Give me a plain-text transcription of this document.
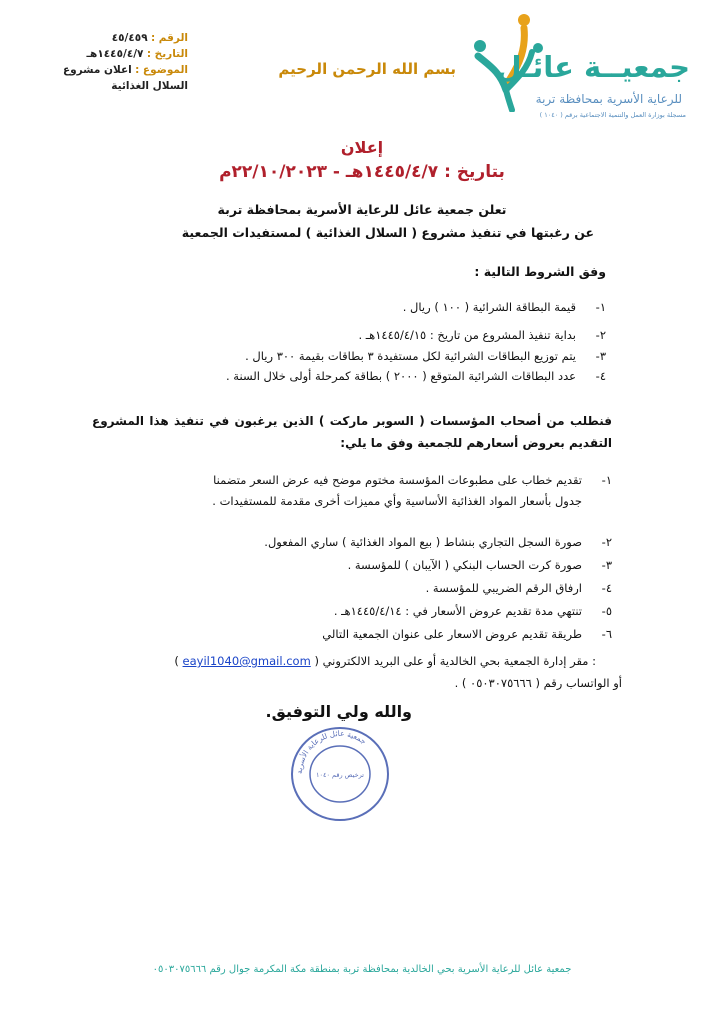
جمعيــة عائـل
للرعاية الأسرية بمحافظة تربة
مسجلة بوزارة العمل والتنمية الاجتماعية برقم ( ١٠٤٠ )
بسم الله الرحمن الرحيم
الرقم : ٤٥/٤٥٩
التاريخ : ١٤٤٥/٤/٧هـ
الموضوع : اعلان مشروع السلال الغذائية
إعلان
بتاريخ : ١٤٤٥/٤/٧هـ - ٢٢/١٠/٢٠٢٣م
تعلن جمعية عائل للرعاية الأسرية بمحافظة تربة
عن رغبتها في تنفيذ مشروع ( السلال الغذائية ) لمستفيدات الجمعية
وفق الشروط التالية :
١-قيمة البطاقة الشرائية ( ١٠٠ ) ريال .
٢-بداية تنفيذ المشروع من تاريخ : ١٤٤٥/٤/١٥هـ .
٣-يتم توزيع البطاقات الشرائية لكل مستفيدة ٣ بطاقات بقيمة ٣٠٠ ريال .
٤-عدد البطاقات الشرائية المتوقع ( ٢٠٠٠ ) بطاقة كمرحلة أولى خلال السنة .
فنطلب من أصحاب المؤسسات ( السوبر ماركت ) الذين يرغبون في تنفيذ هذا المشروع التقديم بعروض أسعارهم للجمعية وفق ما يلي:
١-تقديم خطاب على مطبوعات المؤسسة مختوم موضح فيه عرض السعر متضمنا
جدول بأسعار المواد الغذائية الأساسية وأي مميزات أخرى مقدمة للمستفيدات .
٢-صورة السجل التجاري بنشاط ( بيع المواد الغذائية ) ساري المفعول.
٣-صورة كرت الحساب البنكي ( الآيبان ) للمؤسسة .
٤-ارفاق الرقم الضريبي للمؤسسة .
٥-تنتهي مدة تقديم عروض الأسعار في : ١٤٤٥/٤/١٤هـ .
٦-طريقة تقديم عروض الاسعار على عنوان الجمعية التالي
: مقر إدارة الجمعية بحي الخالدية أو على البريد الالكتروني ( eayil1040@gmail.com )
أو الواتساب رقم ( ٠٥٠٣٠٧٥٦٦٦ ) .
والله ولي التوفيق.
جمعية عائل للرعاية الأسرية
ترخيص رقم ١٠٤٠
جمعية عائل للرعاية الأسرية بحي الخالدية بمحافظة تربة بمنطقة مكة المكرمة جوال رقم ٠٥٠٣٠٧٥٦٦٦
